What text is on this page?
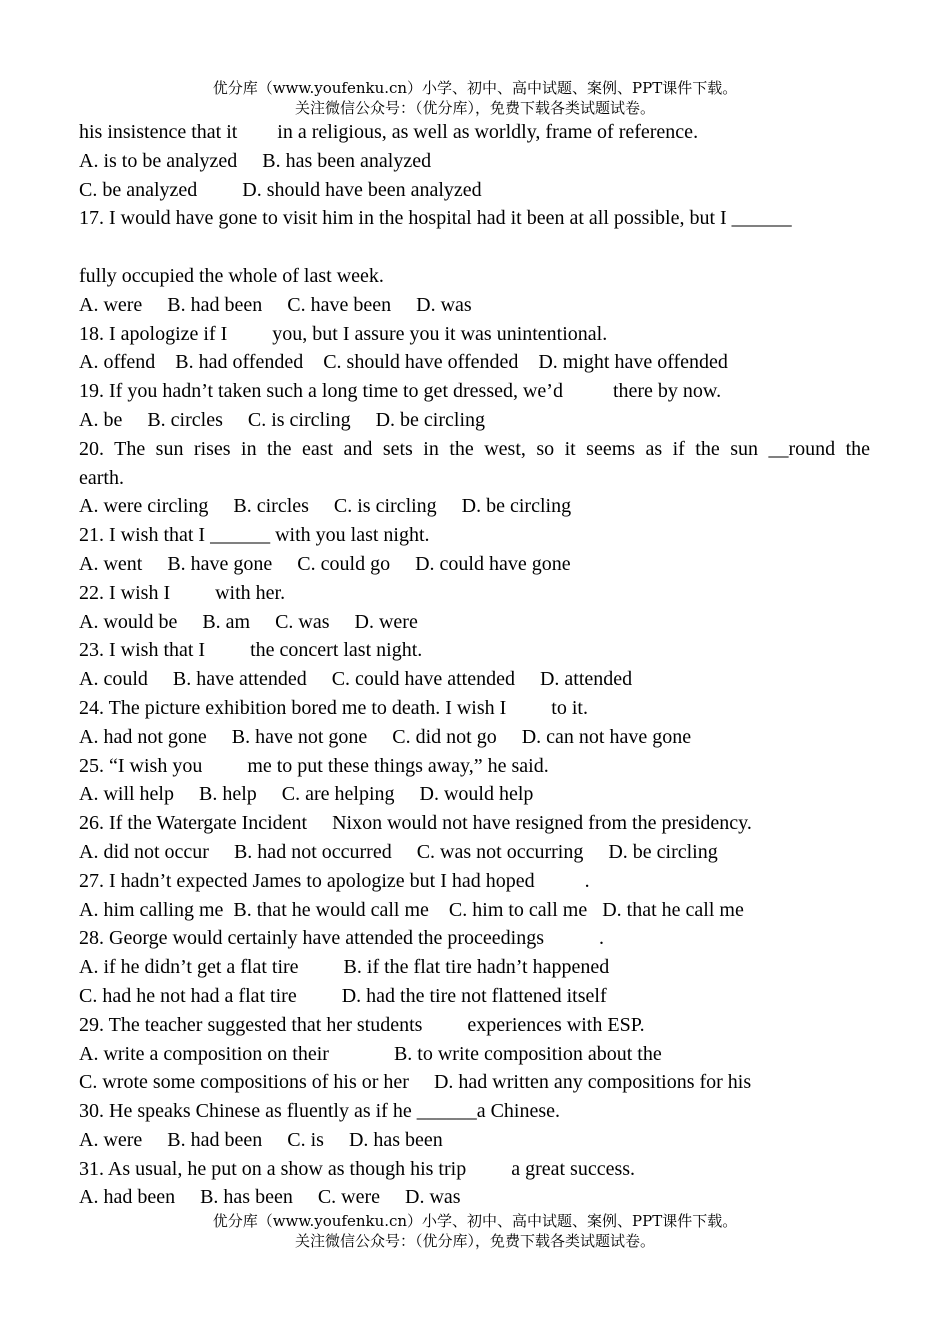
优分库（www.youfenku.cn）小学、初中、高中试题、案例、PPT课件下载。
关注微信公众号：（优分库），免费下载各类试题试卷。
his insistence that it        in a religious, as well as worldly, frame of reference.
A. is to be analyzed     B. has been analyzed
C. be analyzed         D. should have been analyzed
17. I would have gone to visit him in the hospital had it been at all possible, but I ______
fully occupied the whole of last week.
A. were     B. had been     C. have been     D. was
18. I apologize if I         you, but I assure you it was unintentional.
A. offend    B. had offended    C. should have offended    D. might have offended
19. If you hadn’t taken such a long time to get dressed, we’d          there by now.
A. be     B. circles     C. is circling     D. be circling
20. The sun rises in the east and sets in the west, so it seems as if the sun __round the
earth.
A. were circling     B. circles     C. is circling     D. be circling
21. I wish that I ______ with you last night.
A. went     B. have gone     C. could go     D. could have gone
22. I wish I         with her.
A. would be     B. am     C. was     D. were
23. I wish that I         the concert last night.
A. could     B. have attended     C. could have attended     D. attended
24. The picture exhibition bored me to death. I wish I         to it.
A. had not gone     B. have not gone     C. did not go     D. can not have gone
25. “I wish you         me to put these things away,” he said.
A. will help     B. help     C. are helping     D. would help
26. If the Watergate Incident     Nixon would not have resigned from the presidency.
A. did not occur     B. had not occurred     C. was not occurring     D. be circling
27. I hadn’t expected James to apologize but I had hoped          .
A. him calling me  B. that he would call me    C. him to call me   D. that he call me
28. George would certainly have attended the proceedings           .
A. if he didn’t get a flat tire         B. if the flat tire hadn’t happened
C. had he not had a flat tire         D. had the tire not flattened itself
29. The teacher suggested that her students         experiences with ESP.
A. write a composition on their             B. to write composition about the
C. wrote some compositions of his or her     D. had written any compositions for his
30. He speaks Chinese as fluently as if he ______a Chinese.
A. were     B. had been     C. is     D. has been
31. As usual, he put on a show as though his trip         a great success.
A. had been     B. has been     C. were     D. was
优分库（www.youfenku.cn）小学、初中、高中试题、案例、PPT课件下载。
关注微信公众号：（优分库），免费下载各类试题试卷。
